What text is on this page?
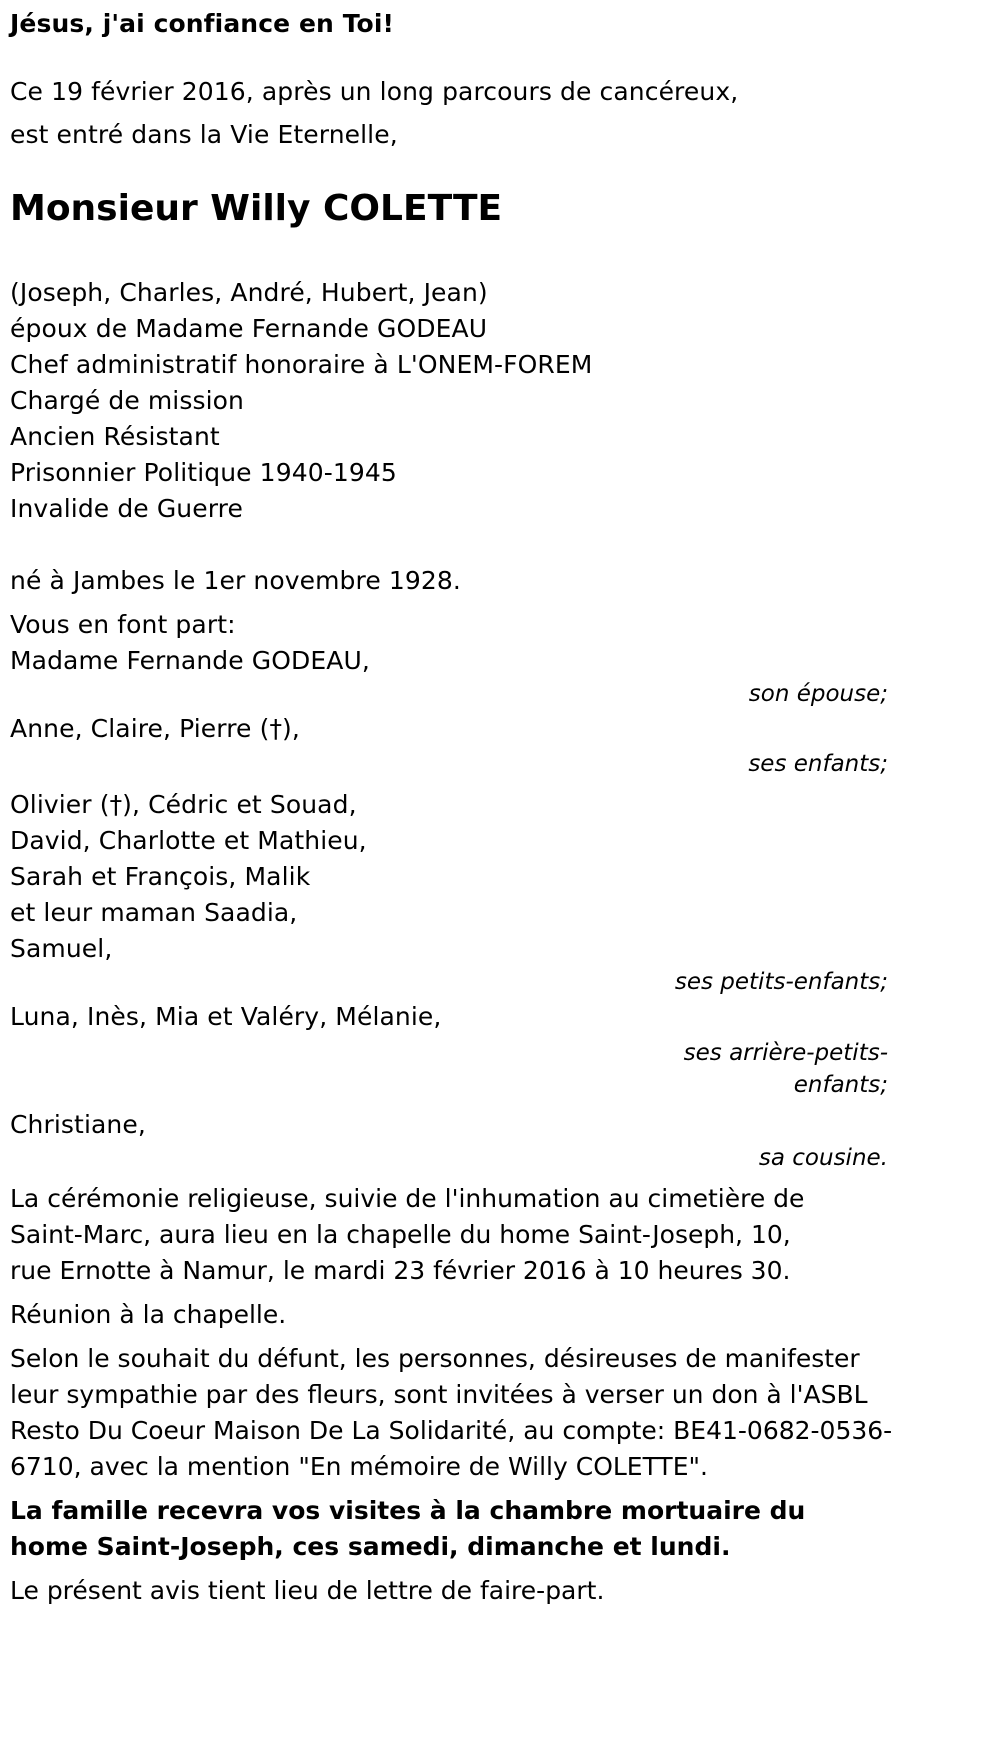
Jésus, j'ai confiance en Toi!
Ce 19 février 2016, après un long parcours de cancéreux,
est entré dans la Vie Eternelle,
Monsieur Willy COLETTE
(Joseph, Charles, André, Hubert, Jean)
époux de Madame Fernande GODEAU
Chef administratif honoraire à L'ONEM-FOREM
Chargé de mission
Ancien Résistant
Prisonnier Politique 1940-1945
Invalide de Guerre
né à Jambes le 1er novembre 1928.
Vous en font part:
Madame Fernande GODEAU,
son épouse;
Anne, Claire, Pierre (†),
ses enfants;
Olivier (†), Cédric et Souad,
David, Charlotte et Mathieu,
Sarah et François, Malik
et leur maman Saadia,
Samuel,
ses petits-enfants;
Luna, Inès, Mia et Valéry, Mélanie,
ses arrière-petits-
enfants;
Christiane,
sa cousine.
La cérémonie religieuse, suivie de l'inhumation au cimetière de Saint-Marc, aura lieu en la chapelle du home Saint-Joseph, 10, rue Ernotte à Namur, le mardi 23 février 2016 à 10 heures 30.
Réunion à la chapelle.
Selon le souhait du défunt, les personnes, désireuses de manifester leur sympathie par des fleurs, sont invitées à verser un don à l'ASBL Resto Du Coeur Maison De La Solidarité, au compte: BE41-0682-0536-6710, avec la mention "En mémoire de Willy COLETTE".
La famille recevra vos visites à la chambre mortuaire du home Saint-Joseph, ces samedi, dimanche et lundi.
Le présent avis tient lieu de lettre de faire-part.
